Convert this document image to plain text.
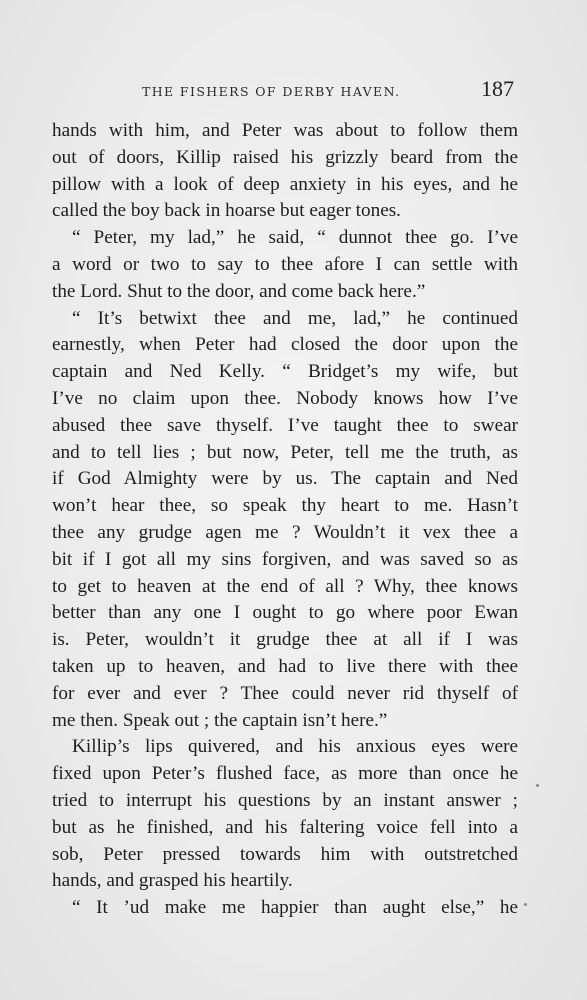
THE FISHERS OF DERBY HAVEN.	187
hands with him, and Peter was about to follow them
out of doors, Killip raised his grizzly beard from the
pillow with a look of deep anxiety in his eyes, and he
called the boy back in hoarse but eager tones.
“ Peter, my lad,” he said, “ dunnot thee go. I’ve
a word or two to say to thee afore I can settle with
the Lord. Shut to the door, and come back here.”
“ It’s betwixt thee and me, lad,” he continued
earnestly, when Peter had closed the door upon the
captain and Ned Kelly. “ Bridget’s my wife, but
I’ve no claim upon thee. Nobody knows how I’ve
abused thee save thyself. I’ve taught thee to swear
and to tell lies ; but now, Peter, tell me the truth, as
if God Almighty were by us. The captain and Ned
won’t hear thee, so speak thy heart to me. Hasn’t
thee any grudge agen me ? Wouldn’t it vex thee a
bit if I got all my sins forgiven, and was saved so as
to get to heaven at the end of all ? Why, thee knows
better than any one I ought to go where poor Ewan
is. Peter, wouldn’t it grudge thee at all if I was
taken up to heaven, and had to live there with thee
for ever and ever ? Thee could never rid thyself of
me then. Speak out ; the captain isn’t here.”
Killip’s lips quivered, and his anxious eyes were
fixed upon Peter’s flushed face, as more than once he
tried to interrupt his questions by an instant answer ;
but as he finished, and his faltering voice fell into a
sob, Peter pressed towards him with outstretched
hands, and grasped his heartily.
“ It ’ud make me happier than aught else,” he
